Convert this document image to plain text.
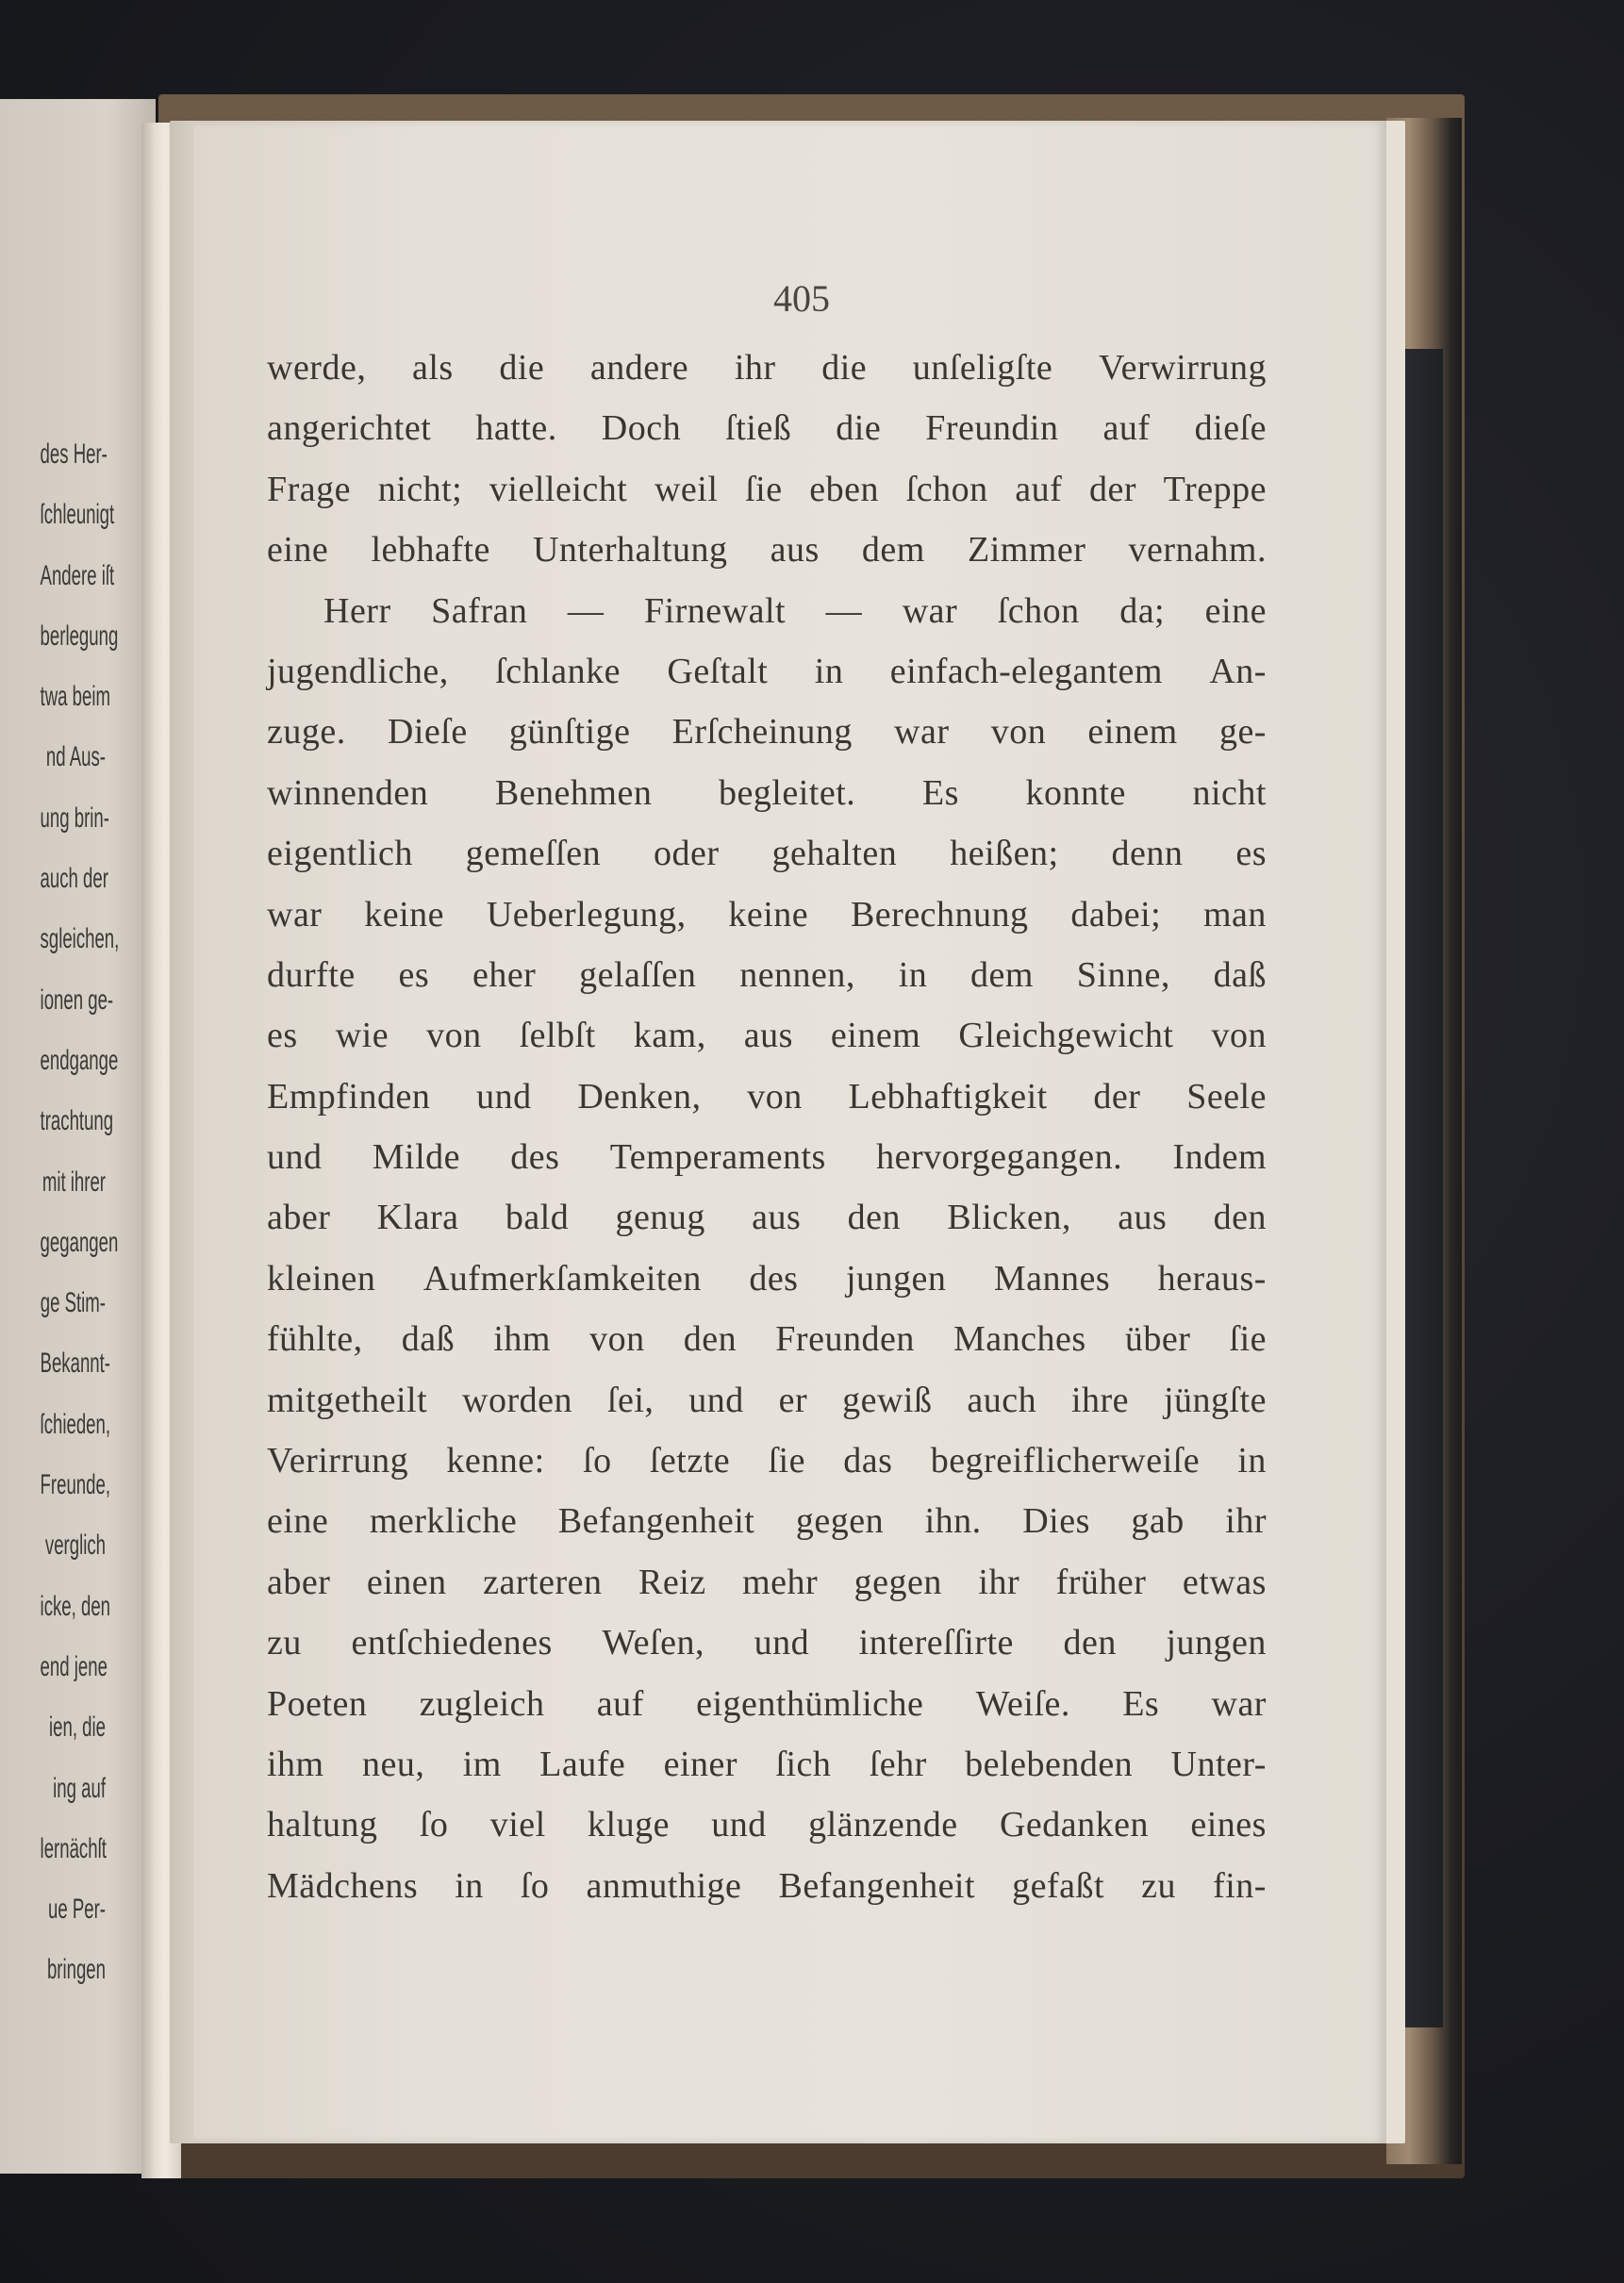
des Her-
ſchleunigt
Andere iſt
berlegung
twa beim
nd Aus-
ung brin-
auch der
sgleichen,
ionen ge-
endgange
trachtung
mit ihrer
gegangen
ge Stim-
Bekannt-
ſchieden,
Freunde,
verglich
icke, den
end jene
ien, die
ing auf
lernächſt
ue Per-
bringen
405
werde, als die andere ihr die unſeligſte Verwirrung
angerichtet hatte. Doch ſtieß die Freundin auf dieſe
Frage nicht; vielleicht weil ſie eben ſchon auf der Treppe
eine lebhafte Unterhaltung aus dem Zimmer vernahm.
Herr Safran — Firnewalt — war ſchon da; eine
jugendliche, ſchlanke Geſtalt in einfach-elegantem An-
zuge. Dieſe günſtige Erſcheinung war von einem ge-
winnenden Benehmen begleitet. Es konnte nicht
eigentlich gemeſſen oder gehalten heißen; denn es
war keine Ueberlegung, keine Berechnung dabei; man
durfte es eher gelaſſen nennen, in dem Sinne, daß
es wie von ſelbſt kam, aus einem Gleichgewicht von
Empfinden und Denken, von Lebhaftigkeit der Seele
und Milde des Temperaments hervorgegangen. Indem
aber Klara bald genug aus den Blicken, aus den
kleinen Aufmerkſamkeiten des jungen Mannes heraus-
fühlte, daß ihm von den Freunden Manches über ſie
mitgetheilt worden ſei, und er gewiß auch ihre jüngſte
Verirrung kenne: ſo ſetzte ſie das begreiflicherweiſe in
eine merkliche Befangenheit gegen ihn. Dies gab ihr
aber einen zarteren Reiz mehr gegen ihr früher etwas
zu entſchiedenes Weſen, und intereſſirte den jungen
Poeten zugleich auf eigenthümliche Weiſe. Es war
ihm neu, im Laufe einer ſich ſehr belebenden Unter-
haltung ſo viel kluge und glänzende Gedanken eines
Mädchens in ſo anmuthige Befangenheit gefaßt zu fin-
